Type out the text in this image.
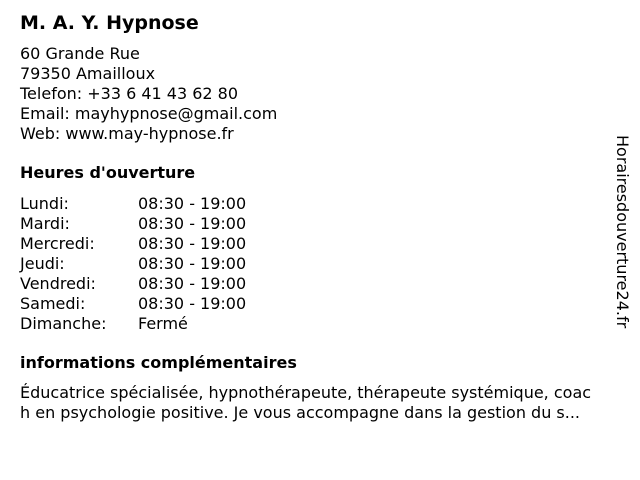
M. A. Y. Hypnose
60 Grande Rue
79350 Amailloux
Telefon: +33 6 41 43 62 80
Email: mayhypnose@gmail.com
Web: www.may-hypnose.fr
Heures d'ouverture
Lundi:	08:30 - 19:00
Mardi:	08:30 - 19:00
Mercredi:	08:30 - 19:00
Jeudi:	08:30 - 19:00
Vendredi:	08:30 - 19:00
Samedi:	08:30 - 19:00
Dimanche:	Fermé
informations complémentaires
Éducatrice spécialisée, hypnothérapeute, thérapeute systémique, coac
h en psychologie positive. Je vous accompagne dans la gestion du s...
Horairesdouverture24.fr
